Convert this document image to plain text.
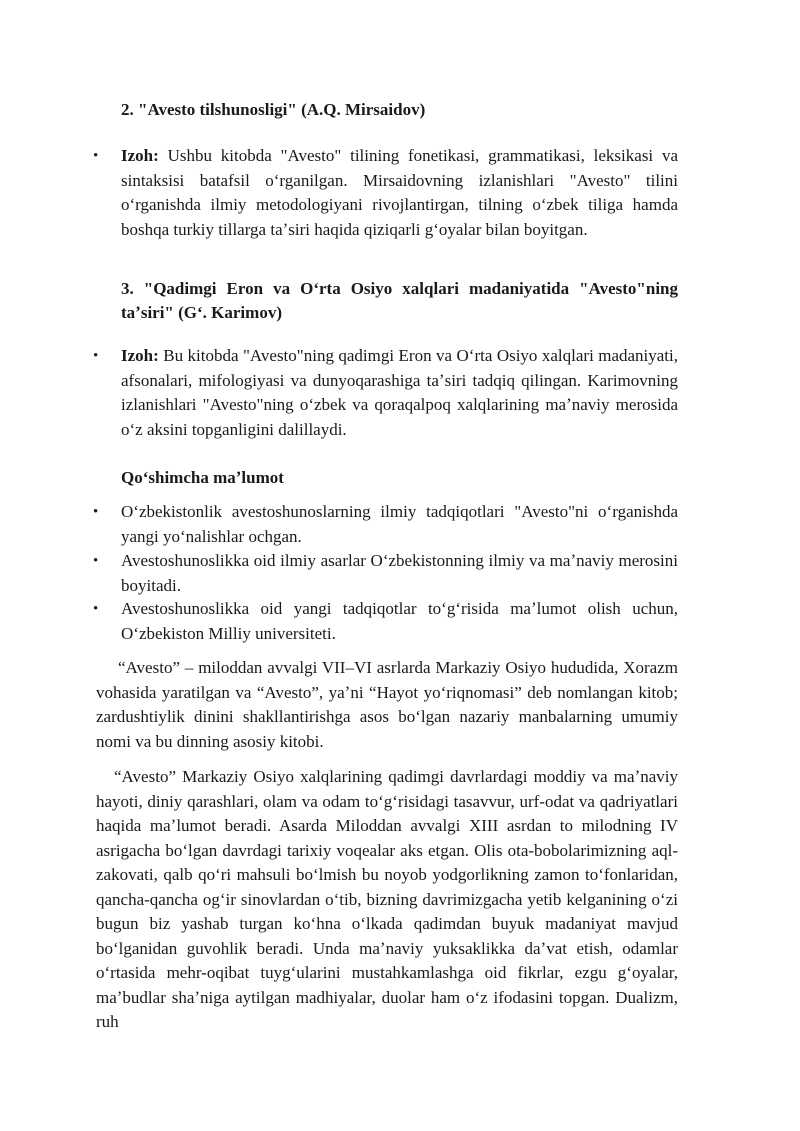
2. "Avesto tilshunosligi" (A.Q. Mirsaidov)

• Izoh: Ushbu kitobda "Avesto" tilining fonetikasi, grammatikasi, leksikasi va sintaksisi batafsil oʻrganilgan. Mirsaidovning izlanishlari "Avesto" tilini oʻrganishda ilmiy metodologiyani rivojlantirgan, tilning oʻzbek tiliga hamda boshqa turkiy tillarga taʼsiri haqida qiziqarli gʻoyalar bilan boyitgan.

3. "Qadimgi Eron va Oʻrta Osiyo xalqlari madaniyatida "Avesto"ning taʼsiri" (Gʻ. Karimov)

• Izoh: Bu kitobda "Avesto"ning qadimgi Eron va Oʻrta Osiyo xalqlari madaniyati, afsonalari, mifologiyasi va dunyoqarashiga taʼsiri tadqiq qilingan. Karimovning izlanishlari "Avesto"ning oʻzbek va qoraqalpoq xalqlarining maʼnaviy merosida oʻz aksini topganligini dalillaydi.

Qoʻshimcha maʼlumot

• Oʻzbekistonlik avestoshunoslarning ilmiy tadqiqotlari "Avesto"ni oʻrganishda yangi yoʻnalishlar ochgan.
• Avestoshunoslikka oid ilmiy asarlar Oʻzbekistonning ilmiy va maʼnaviy merosini boyitadi.
• Avestoshunoslikka oid yangi tadqiqotlar toʻgʻrisida maʼlumot olish uchun, Oʻzbekiston Milliy universiteti.

“Avesto” – miloddan avvalgi VII–VI asrlarda Markaziy Osiyo hududida, Xorazm vohasida yaratilgan va “Avesto”, yaʼni “Hayot yoʻriqnomasi” deb nomlangan kitob; zardushtiylik dinini shakllantirishga asos boʻlgan nazariy manbalarning umumiy nomi va bu dinning asosiy kitobi.

“Avesto” Markaziy Osiyo xalqlarining qadimgi davrlardagi moddiy va maʼnaviy hayoti, diniy qarashlari, olam va odam toʻgʻrisidagi tasavvur, urf-odat va qadriyatlari haqida maʼlumot beradi. Asarda Miloddan avvalgi XIII asrdan to milodning IV asrigacha boʻlgan davrdagi tarixiy voqealar aks etgan. Olis ota-bobolarimizning aql-zakovati, qalb qoʻri mahsuli boʻlmish bu noyob yodgorlikning zamon toʻfonlaridan, qancha-qancha ogʻir sinovlardan oʻtib, bizning davrimizgacha yetib kelganining oʻzi bugun biz yashab turgan koʻhna oʻlkada qadimdan buyuk madaniyat mavjud boʻlganidan guvohlik beradi. Unda maʼnaviy yuksaklikka daʼvat etish, odamlar oʻrtasida mehr-oqibat tuygʻularini mustahkamlashga oid fikrlar, ezgu gʻoyalar, maʼbudlar shaʼniga aytilgan madhiyalar, duolar ham oʻz ifodasini topgan. Dualizm, ruh
